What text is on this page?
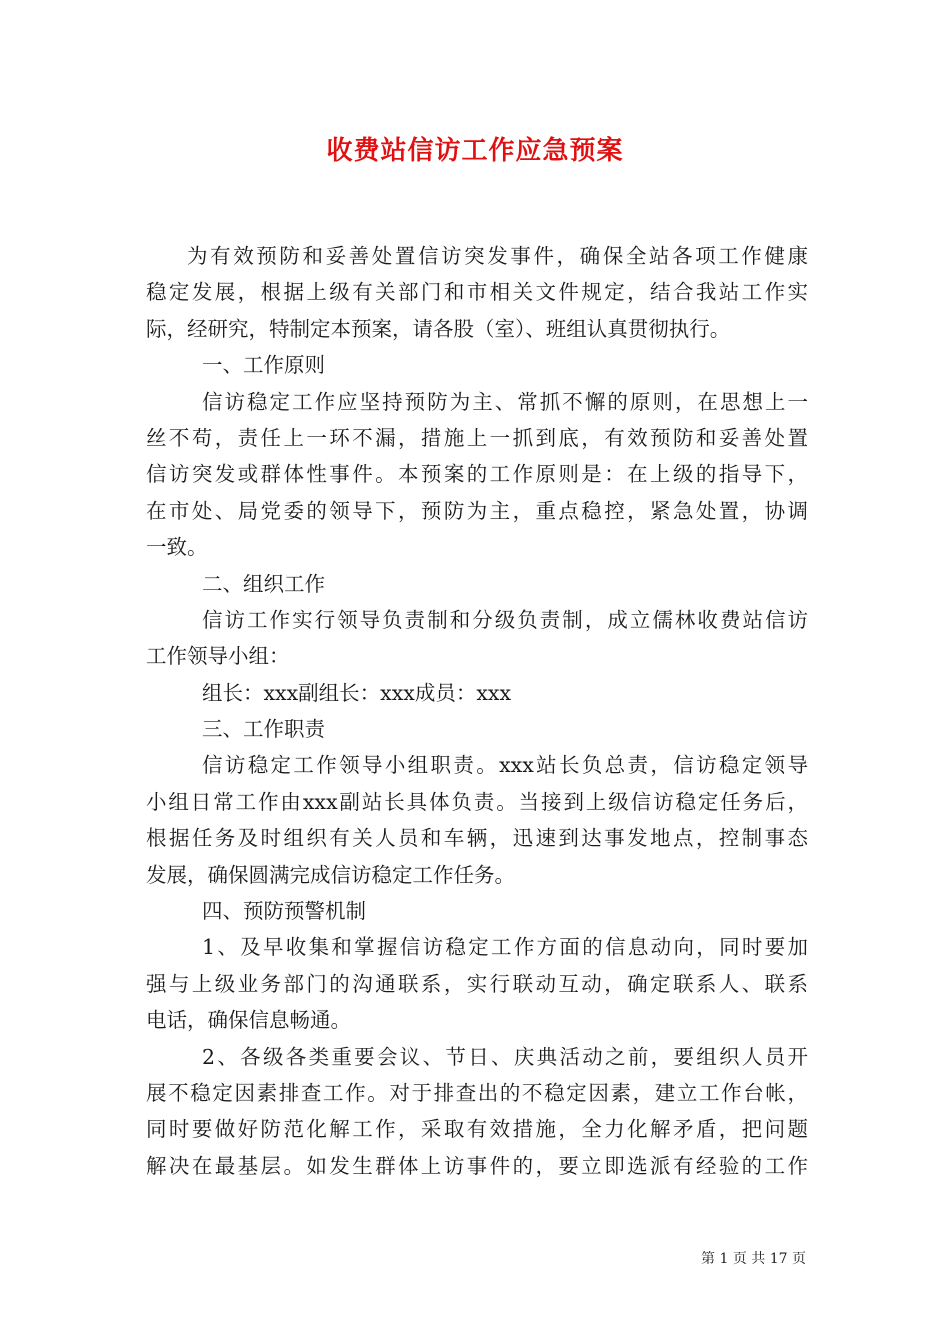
收费站信访工作应急预案
为有效预防和妥善处置信访突发事件，确保全站各项工作健康
稳定发展，根据上级有关部门和市相关文件规定，结合我站工作实
际，经研究，特制定本预案，请各股（室）、班组认真贯彻执行。
一、工作原则
信访稳定工作应坚持预防为主、常抓不懈的原则，在思想上一
丝不苟，责任上一环不漏，措施上一抓到底，有效预防和妥善处置
信访突发或群体性事件。本预案的工作原则是：在上级的指导下，
在市处、局党委的领导下，预防为主，重点稳控，紧急处置，协调
一致。
二、组织工作
信访工作实行领导负责制和分级负责制，成立儒林收费站信访
工作领导小组：
组长：xxx副组长：xxx成员：xxx
三、工作职责
信访稳定工作领导小组职责。xxx站长负总责，信访稳定领导
小组日常工作由xxx副站长具体负责。当接到上级信访稳定任务后，
根据任务及时组织有关人员和车辆，迅速到达事发地点，控制事态
发展，确保圆满完成信访稳定工作任务。
四、预防预警机制
1、及早收集和掌握信访稳定工作方面的信息动向，同时要加
强与上级业务部门的沟通联系，实行联动互动，确定联系人、联系
电话，确保信息畅通。
2、各级各类重要会议、节日、庆典活动之前，要组织人员开
展不稳定因素排查工作。对于排查出的不稳定因素，建立工作台帐，
同时要做好防范化解工作，采取有效措施，全力化解矛盾，把问题
解决在最基层。如发生群体上访事件的，要立即选派有经验的工作
第 1 页 共 17 页
